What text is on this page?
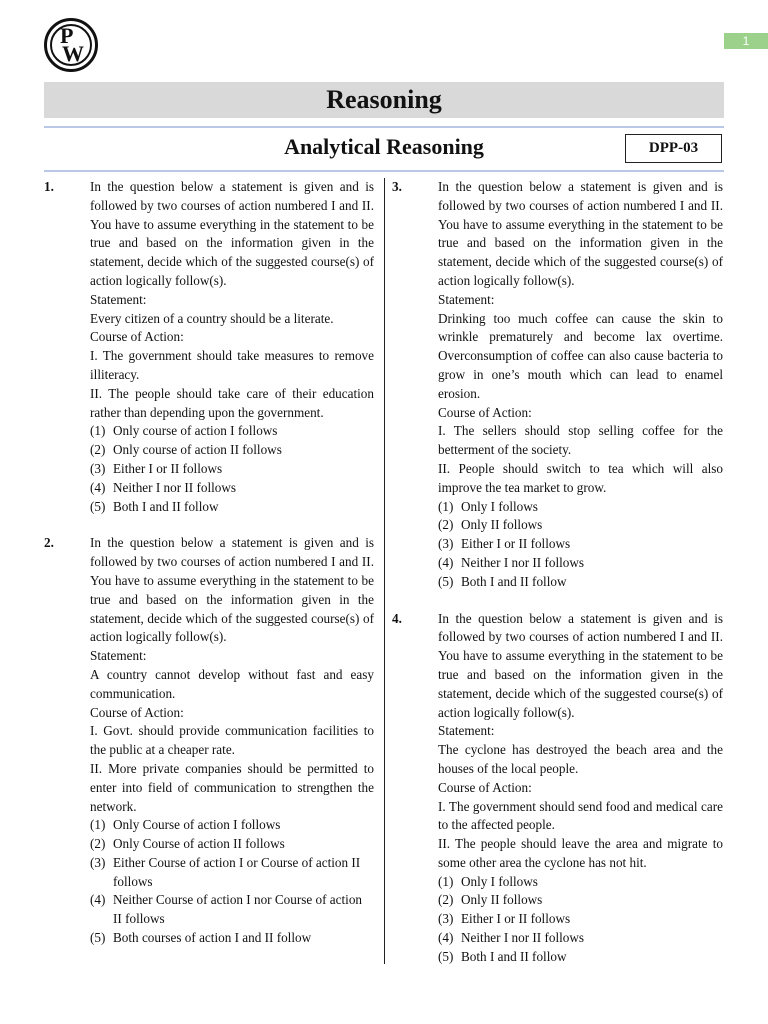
P
W	1
Reasoning
Analytical Reasoning	DPP-03
1.	In the question below a statement is given and is followed by two courses of action numbered I and II. You have to assume everything in the statement to be true and based on the information given in the statement, decide which of the suggested course(s) of action logically follow(s).

Statement:

Every citizen of a country should be a literate.

Course of Action:

I. The government should take measures to remove illiteracy.

II. The people should take care of their education rather than depending upon the government.

(1) Only course of action I follows
(2) Only course of action II follows
(3) Either I or II follows
(4) Neither I nor II follows
(5) Both I and II follow
2.	In the question below a statement is given and is followed by two courses of action numbered I and II. You have to assume everything in the statement to be true and based on the information given in the statement, decide which of the suggested course(s) of action logically follow(s).

Statement:

A country cannot develop without fast and easy communication.

Course of Action:

I. Govt. should provide communication facilities to the public at a cheaper rate.

II. More private companies should be permitted to enter into field of communication to strengthen the network.

(1) Only Course of action I follows
(2) Only Course of action II follows
(3) Either Course of action I or Course of action II follows
(4) Neither Course of action I nor Course of action II follows
(5) Both courses of action I and II follow
3.	In the question below a statement is given and is followed by two courses of action numbered I and II. You have to assume everything in the statement to be true and based on the information given in the statement, decide which of the suggested course(s) of action logically follow(s).

Statement:

Drinking too much coffee can cause the skin to wrinkle prematurely and become lax overtime. Overconsumption of coffee can also cause bacteria to grow in one’s mouth which can lead to enamel erosion.

Course of Action:

I. The sellers should stop selling coffee for the betterment of the society.

II. People should switch to tea which will also improve the tea market to grow.

(1) Only I follows
(2) Only II follows
(3) Either I or II follows
(4) Neither I nor II follows
(5) Both I and II follow
4.	In the question below a statement is given and is followed by two courses of action numbered I and II. You have to assume everything in the statement to be true and based on the information given in the statement, decide which of the suggested course(s) of action logically follow(s).

Statement:

The cyclone has destroyed the beach area and the houses of the local people.

Course of Action:

I. The government should send food and medical care to the affected people.

II. The people should leave the area and migrate to some other area the cyclone has not hit.

(1) Only I follows
(2) Only II follows
(3) Either I or II follows
(4) Neither I nor II follows
(5) Both I and II follow
